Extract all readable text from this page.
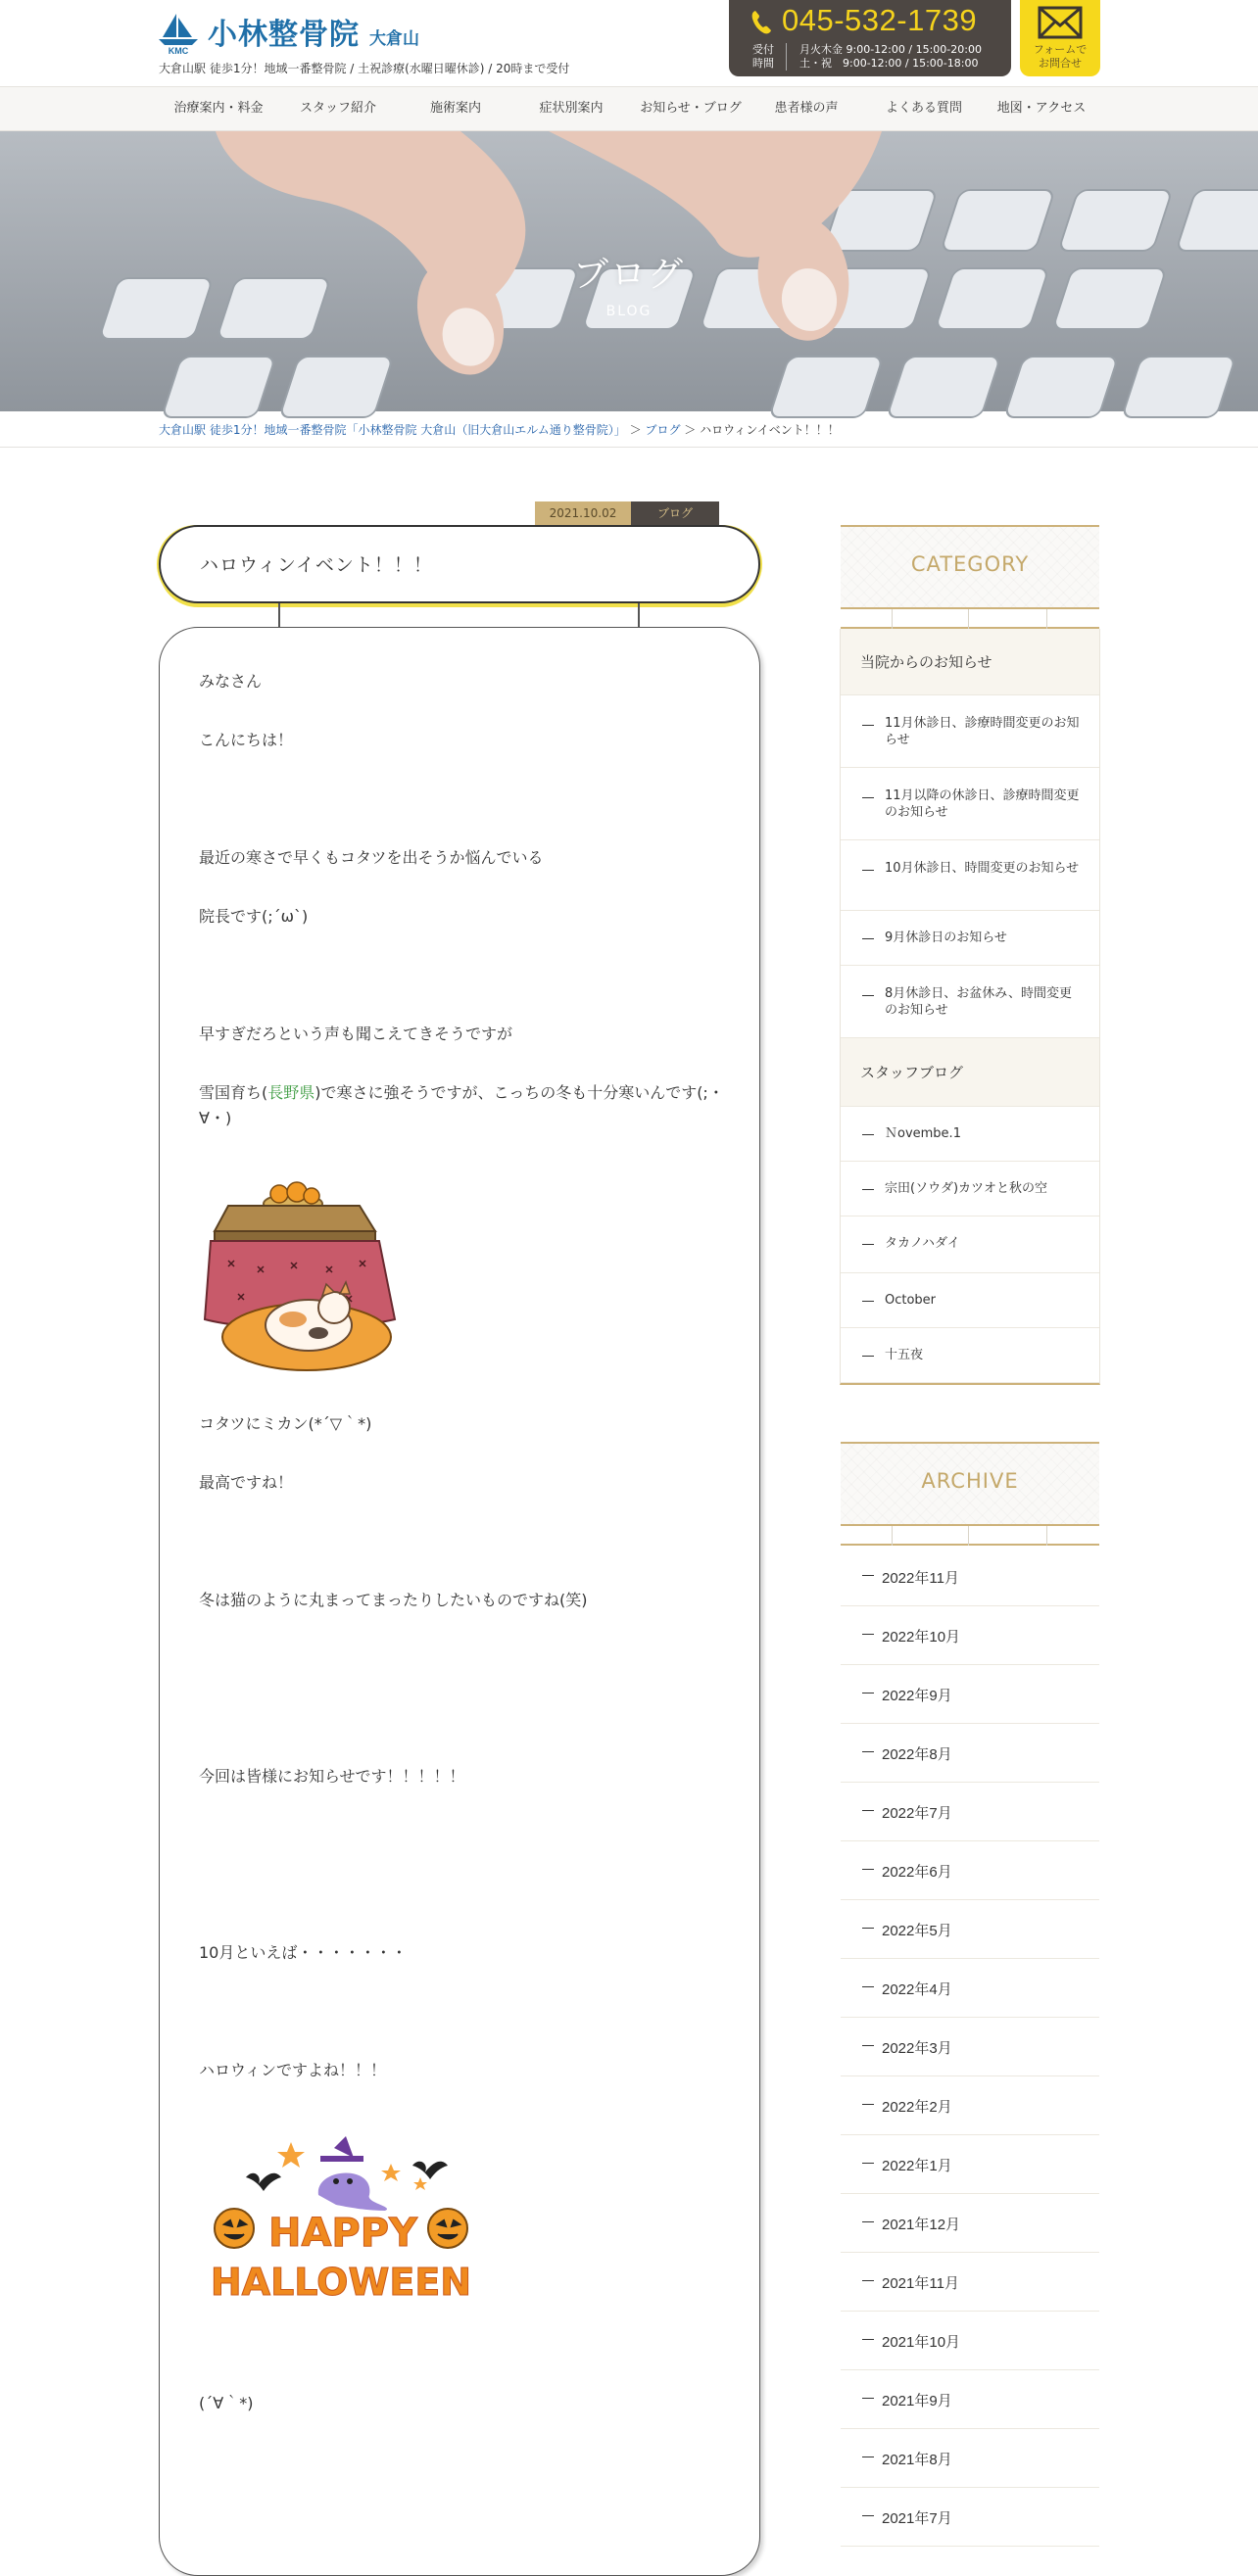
KMC 小林整骨院 大倉山
大倉山駅 徒歩1分！地域一番整骨院 / 土祝診療(水曜日曜休診) / 20時まで受付
045-532-1739
受付
時間
月火木金 9:00-12:00 / 15:00-20:00
土・祝　9:00-12:00 / 15:00-18:00
フォームで
お問合せ
治療案内・料金	スタッフ紹介	施術案内	症状別案内	お知らせ・ブログ	患者様の声	よくある質問	地図・アクセス
ブログ
BLOG
大倉山駅 徒歩1分！地域一番整骨院「小林整骨院 大倉山（旧大倉山エルム通り整骨院）」 ＞ ブログ ＞ ハロウィンイベント！！！
2021.10.02	ブログ
ハロウィンイベント！！！
みなさん
こんにちは！
最近の寒さで早くもコタツを出そうか悩んでいる
院長です(;´ω`)
早すぎだろという声も聞こえてきそうですが
雪国育ち(長野県)で寒さに強そうですが、こっちの冬も十分寒いんです(;・∀・)
コタツにミカン(*´▽｀*)
最高ですね！
冬は猫のように丸まってまったりしたいものですね(笑)
今回は皆様にお知らせです！！！！！
10月といえば・・・・・・・
ハロウィンですよね！！！
HAPPY
HALLOWEEN
(´∀｀*)
CATEGORY
当院からのお知らせ
11月休診日、診療時間変更のお知らせ
11月以降の休診日、診療時間変更のお知らせ
10月休診日、時間変更のお知らせ
9月休診日のお知らせ
8月休診日、お盆休み、時間変更のお知らせ
スタッフブログ
Ｎovembe.1
宗田(ソウダ)カツオと秋の空
タカノハダイ
October
十五夜
ARCHIVE
2022年11月
2022年10月
2022年9月
2022年8月
2022年7月
2022年6月
2022年5月
2022年4月
2022年3月
2022年2月
2022年1月
2021年12月
2021年11月
2021年10月
2021年9月
2021年8月
2021年7月
